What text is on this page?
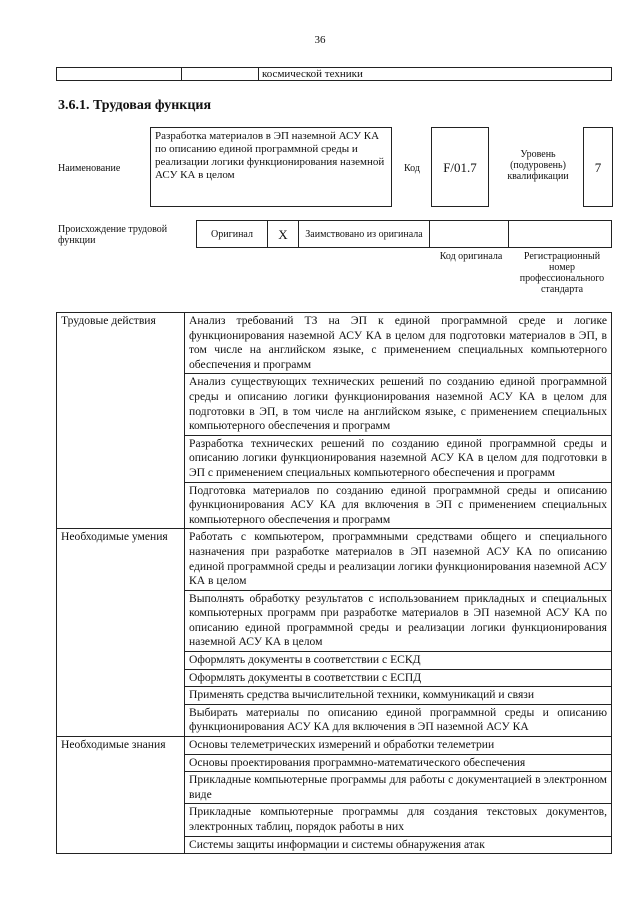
36
		космической техники
3.6.1. Трудовая функция
Наименование
Разработка материалов в ЭП наземной АСУ КА по описанию единой программной среды и реализации логики функционирования наземной АСУ КА в целом
Код	F/01.7
Уровень (подуровень) квалификации
7
Происхождение трудовой функции
Оригинал	X	Заимствовано из оригинала		
Код оригинала	Регистрационный номер профессионального стандарта
Трудовые действия	Анализ требований ТЗ на ЭП к единой программной среде и логике функционирования наземной АСУ КА в целом для подготовки материалов в ЭП, в том числе на английском языке, с применением специальных компьютерного обеспечения и программ
	Анализ существующих технических решений по созданию единой программной среды и описанию логики функционирования наземной АСУ КА в целом для подготовки в ЭП, в том числе на английском языке, с применением специальных компьютерного обеспечения и программ
	Разработка технических решений по созданию единой программной среды и описанию логики функционирования наземной АСУ КА в целом для подготовки в ЭП с применением специальных компьютерного обеспечения и программ
	Подготовка материалов по созданию единой программной среды и описанию функционирования АСУ КА для включения в ЭП с применением специальных компьютерного обеспечения и программ
Необходимые умения	Работать с компьютером, программными средствами общего и специального назначения при разработке материалов в ЭП наземной АСУ КА по описанию единой программной среды и реализации логики функционирования наземной АСУ КА в целом
	Выполнять обработку результатов с использованием прикладных и специальных компьютерных программ при разработке материалов в ЭП наземной АСУ КА по описанию единой программной среды и реализации логики функционирования наземной АСУ КА в целом
	Оформлять документы в соответствии с ЕСКД
	Оформлять документы в соответствии с ЕСПД
	Применять средства вычислительной техники, коммуникаций и связи
	Выбирать материалы по описанию единой программной среды и описанию функционирования АСУ КА для включения в ЭП наземной АСУ КА
Необходимые знания	Основы телеметрических измерений и обработки телеметрии
	Основы проектирования программно-математического обеспечения
	Прикладные компьютерные программы для работы с документацией в электронном виде
	Прикладные компьютерные программы для создания текстовых документов, электронных таблиц, порядок работы в них
	Системы защиты информации и системы обнаружения атак
